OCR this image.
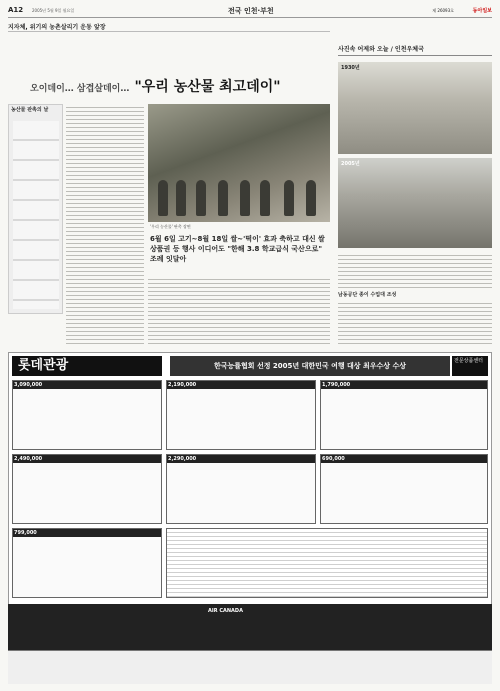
A12 2005년 5월 9일 월요일	전국 인천·부천	제 26093호	동아일보
지자체, 위기의 농촌살리기 운동 앞장
오이데이… 삼겹살데이… "우리 농산물 최고데이"
농산물 판촉의 날
'우리 농산물' 판촉 장면
6월 6일 고기∼8월 18일 쌀∼'떡이' 효과 축하고 대신 쌀 상품권 등 행사 이디어도 "한해 3.8 학교급식 국산으로" 조례 잇달아
사진속 어제와 오늘 / 인천우체국
1930년
2005년
남동공단 종이 수업대 조성
롯데관광	한국능률협회 선정 2005년 대한민국 여행 대상 최우수상 수상
전문상품센터
3,090,000
2,490,000
799,000
2,190,000
2,290,000
1,790,000
690,000
AIR CANADA
